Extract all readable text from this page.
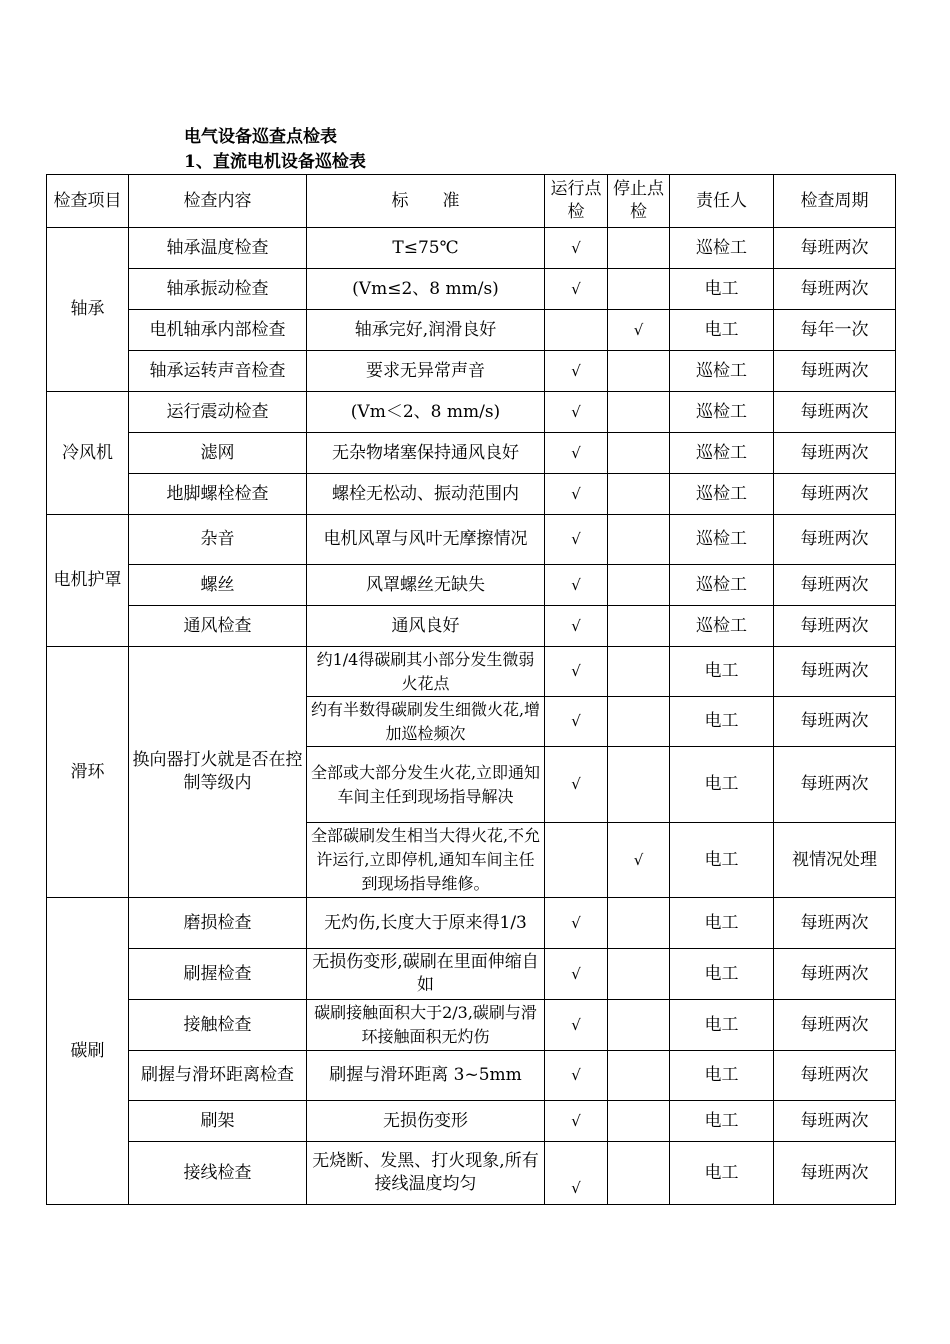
电气设备巡查点检表
1、直流电机设备巡检表
检查项目	检查内容	标　　准	运行点检	停止点检	责任人	检查周期
轴承	轴承温度检查	T≤75℃	√		巡检工	每班两次
	轴承振动检查	(Vm≤2、8 mm/s)	√		电工	每班两次
	电机轴承内部检查	轴承完好,润滑良好		√	电工	每年一次
	轴承运转声音检查	要求无异常声音	√		巡检工	每班两次
冷风机	运行震动检查	(Vm＜2、8 mm/s)	√		巡检工	每班两次
	滤网	无杂物堵塞保持通风良好	√		巡检工	每班两次
	地脚螺栓检查	螺栓无松动、振动范围内	√		巡检工	每班两次
电机护罩	杂音	电机风罩与风叶无摩擦情况	√		巡检工	每班两次
	螺丝	风罩螺丝无缺失	√		巡检工	每班两次
	通风检查	通风良好	√		巡检工	每班两次
滑环	换向器打火就是否在控制等级内	约1/4得碳刷其小部分发生微弱火花点	√		电工	每班两次
		约有半数得碳刷发生细微火花,增加巡检频次	√		电工	每班两次
		全部或大部分发生火花,立即通知车间主任到现场指导解决	√		电工	每班两次
		全部碳刷发生相当大得火花,不允许运行,立即停机,通知车间主任到现场指导维修。		√	电工	视情况处理
碳刷	磨损检查	无灼伤,长度大于原来得1/3	√		电工	每班两次
	刷握检查	无损伤变形,碳刷在里面伸缩自如	√		电工	每班两次
	接触检查	碳刷接触面积大于2/3,碳刷与滑环接触面积无灼伤	√		电工	每班两次
	刷握与滑环距离检查	刷握与滑环距离 3~5mm	√		电工	每班两次
	刷架	无损伤变形	√		电工	每班两次
	接线检查	无烧断、发黑、打火现象,所有接线温度均匀	√		电工	每班两次
